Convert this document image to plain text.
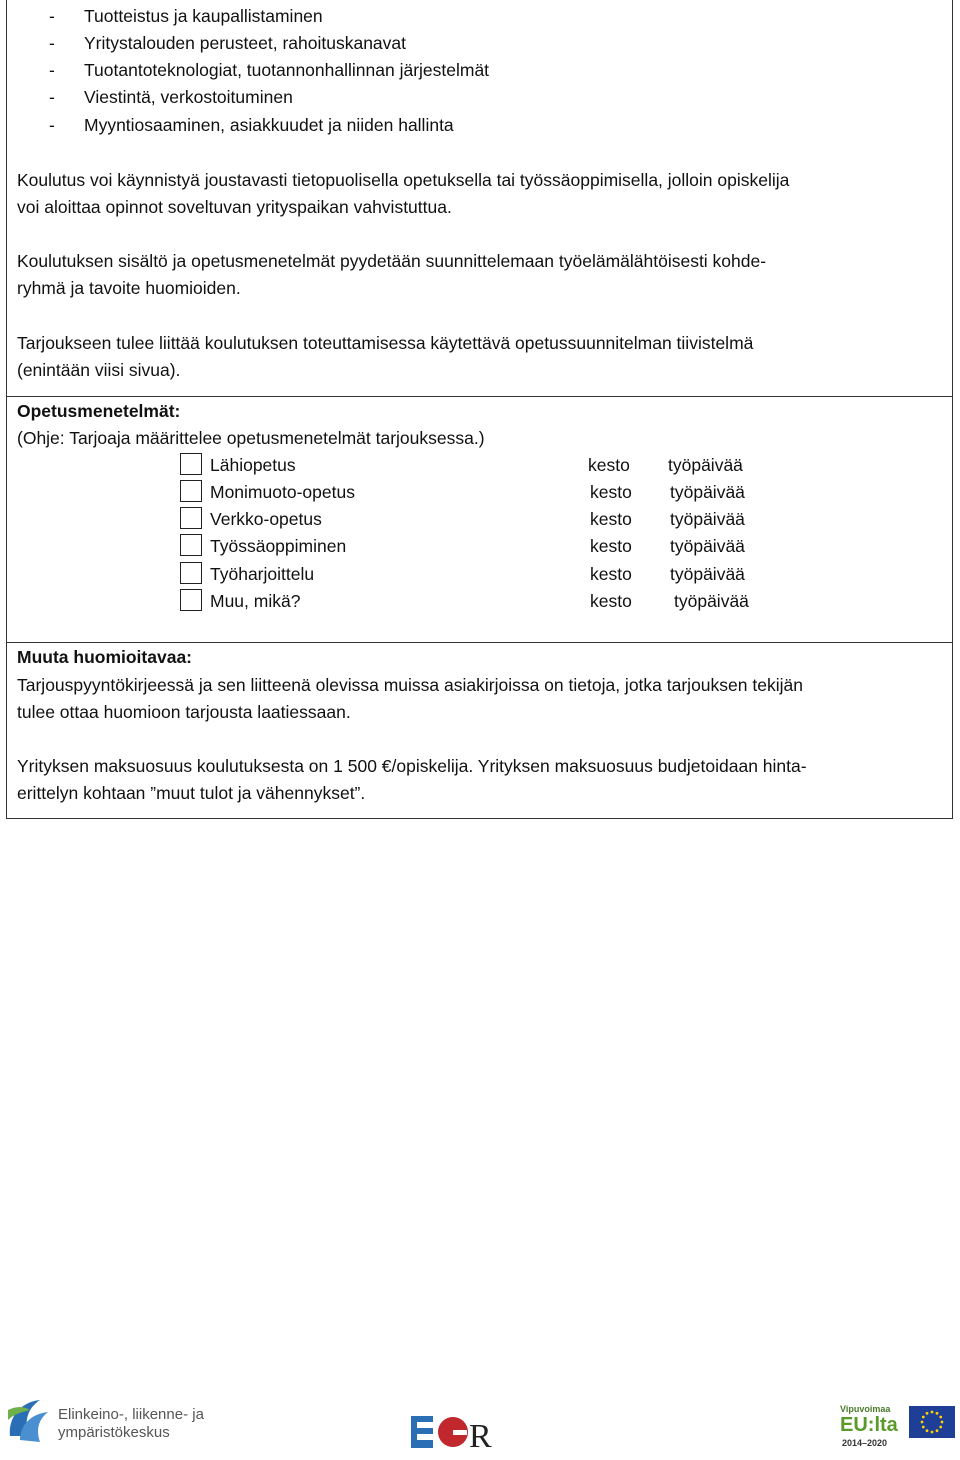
- Tuotteistus ja kaupallistaminen
- Yritystalouden perusteet, rahoituskanavat
- Tuotantoteknologiat, tuotannonhallinnan järjestelmät
- Viestintä, verkostoituminen
- Myyntiosaaminen, asiakkuudet ja niiden hallinta
Koulutus voi käynnistyä joustavasti tietopuolisella opetuksella tai työssäoppimisella, jolloin opiskelija
voi aloittaa opinnot soveltuvan yrityspaikan vahvistuttua.
Koulutuksen sisältö ja opetusmenetelmät pyydetään suunnittelemaan työelämälähtöisesti kohde-
ryhmä ja tavoite huomioiden.
Tarjoukseen tulee liittää koulutuksen toteuttamisessa käytettävä opetussuunnitelman tiivistelmä
(enintään viisi sivua).
Opetusmenetelmät:
(Ohje: Tarjoaja määrittelee opetusmenetelmät tarjouksessa.)
Lähiopetus	kesto työpäivää
Monimuoto-opetus	kesto työpäivää
Verkko-opetus	kesto työpäivää
Työssäoppiminen	kesto työpäivää
Työharjoittelu	kesto työpäivää
Muu, mikä?	kesto työpäivää
Muuta huomioitavaa:
Tarjouspyyntökirjeessä ja sen liitteenä olevissa muissa asiakirjoissa on tietoja, jotka tarjouksen tekijän
tulee ottaa huomioon tarjousta laatiessaan.
Yrityksen maksuosuus koulutuksesta on 1 500 €/opiskelija. Yrityksen maksuosuus budjetoidaan hinta-
erittelyn kohtaan ”muut tulot ja vähennykset”.
Elinkeino-, liikenne- ja
ympäristökeskus	R
Vipuvoimaa
EU:lta
2014–2020
